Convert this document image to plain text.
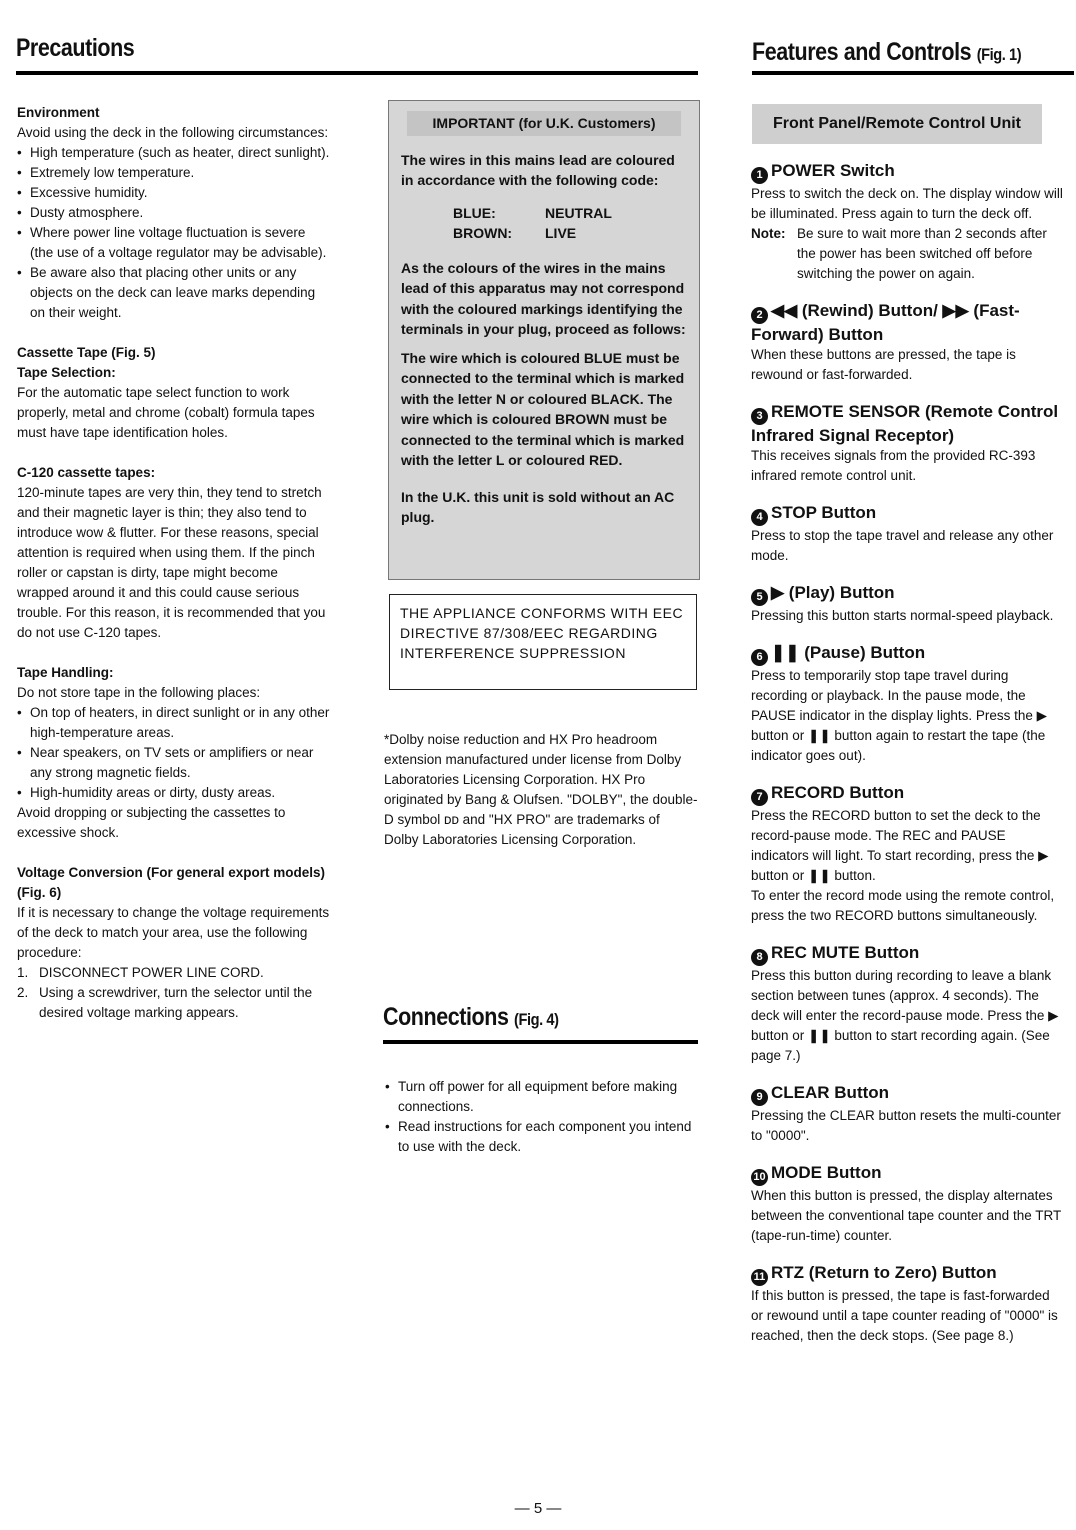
Precautions	Features and Controls (Fig. 1)

Environment

Avoid using the deck in the following circumstances:

• High temperature (such as heater, direct sunlight).
• Extremely low temperature.
• Excessive humidity.
• Dusty atmosphere.
• Where power line voltage fluctuation is severe (the use of a voltage regulator may be advisable).
• Be aware also that placing other units or any objects on the deck can leave marks depending on their weight.

Cassette Tape (Fig. 5)

Tape Selection:

For the automatic tape select function to work properly, metal and chrome (cobalt) formula tapes must have tape identification holes.

C-120 cassette tapes:

120-minute tapes are very thin, they tend to stretch and their magnetic layer is thin; they also tend to introduce wow & flutter. For these reasons, special attention is required when using them. If the pinch roller or capstan is dirty, tape might become wrapped around it and this could cause serious trouble. For this reason, it is recommended that you do not use C-120 tapes.

Tape Handling:

Do not store tape in the following places:

• On top of heaters, in direct sunlight or in any other high-temperature areas.
• Near speakers, on TV sets or amplifiers or near any strong magnetic fields.
• High-humidity areas or dirty, dusty areas.

Avoid dropping or subjecting the cassettes to excessive shock.

Voltage Conversion (For general export models) (Fig. 6)

If it is necessary to change the voltage requirements of the deck to match your area, use the following procedure:

1. DISCONNECT POWER LINE CORD.
2. Using a screwdriver, turn the selector until the desired voltage marking appears.
IMPORTANT (for U.K. Customers)

The wires in this mains lead are coloured in accordance with the following code:

BLUE:	NEUTRAL
BROWN:	LIVE

As the colours of the wires in the mains lead of this apparatus may not correspond with the coloured markings identifying the terminals in your plug, proceed as follows:

The wire which is coloured BLUE must be connected to the terminal which is marked with the letter N or coloured BLACK. The wire which is coloured BROWN must be connected to the terminal which is marked with the letter L or coloured RED.

In the U.K. this unit is sold without an AC plug.

THE APPLIANCE CONFORMS WITH EEC DIRECTIVE 87/308/EEC REGARDING INTERFERENCE SUPPRESSION
*Dolby noise reduction and HX Pro headroom extension manufactured under license from Dolby Laboratories Licensing Corporation. HX Pro originated by Bang & Olufsen. "DOLBY", the double-D symbol ᴅᴅ and "HX PRO" are trademarks of Dolby Laboratories Licensing Corporation.
Connections (Fig. 4)
• Turn off power for all equipment before making connections.
• Read instructions for each component you intend to use with the deck.
Front Panel/Remote Control Unit
1 POWER Switch

Press to switch the deck on. The display window will be illuminated. Press again to turn the deck off.

Note: Be sure to wait more than 2 seconds after the power has been switched off before switching the power on again.
2 ◀◀ (Rewind) Button/ ▶▶ (Fast-Forward) Button

When these buttons are pressed, the tape is rewound or fast-forwarded.

3 REMOTE SENSOR (Remote Control Infrared Signal Receptor)

This receives signals from the provided RC-393 infrared remote control unit.

4 STOP Button

Press to stop the tape travel and release any other mode.

5 ▶ (Play) Button

Pressing this button starts normal-speed playback.

6 ❚❚ (Pause) Button

Press to temporarily stop tape travel during recording or playback. In the pause mode, the PAUSE indicator in the display lights. Press the ▶ button or ❚❚ button again to restart the tape (the indicator goes out).

7 RECORD Button

Press the RECORD button to set the deck to the record-pause mode. The REC and PAUSE indicators will light. To start recording, press the ▶ button or ❚❚ button.

To enter the record mode using the remote control, press the two RECORD buttons simultaneously.

8 REC MUTE Button

Press this button during recording to leave a blank section between tunes (approx. 4 seconds). The deck will enter the record-pause mode. Press the ▶ button or ❚❚ button to start recording again. (See page 7.)

9 CLEAR Button

Pressing the CLEAR button resets the multi-counter to "0000".

10 MODE Button

When this button is pressed, the display alternates between the conventional tape counter and the TRT (tape-run-time) counter.

11 RTZ (Return to Zero) Button

If this button is pressed, the tape is fast-forwarded or rewound until a tape counter reading of "0000" is reached, then the deck stops. (See page 8.)

— 5 —
